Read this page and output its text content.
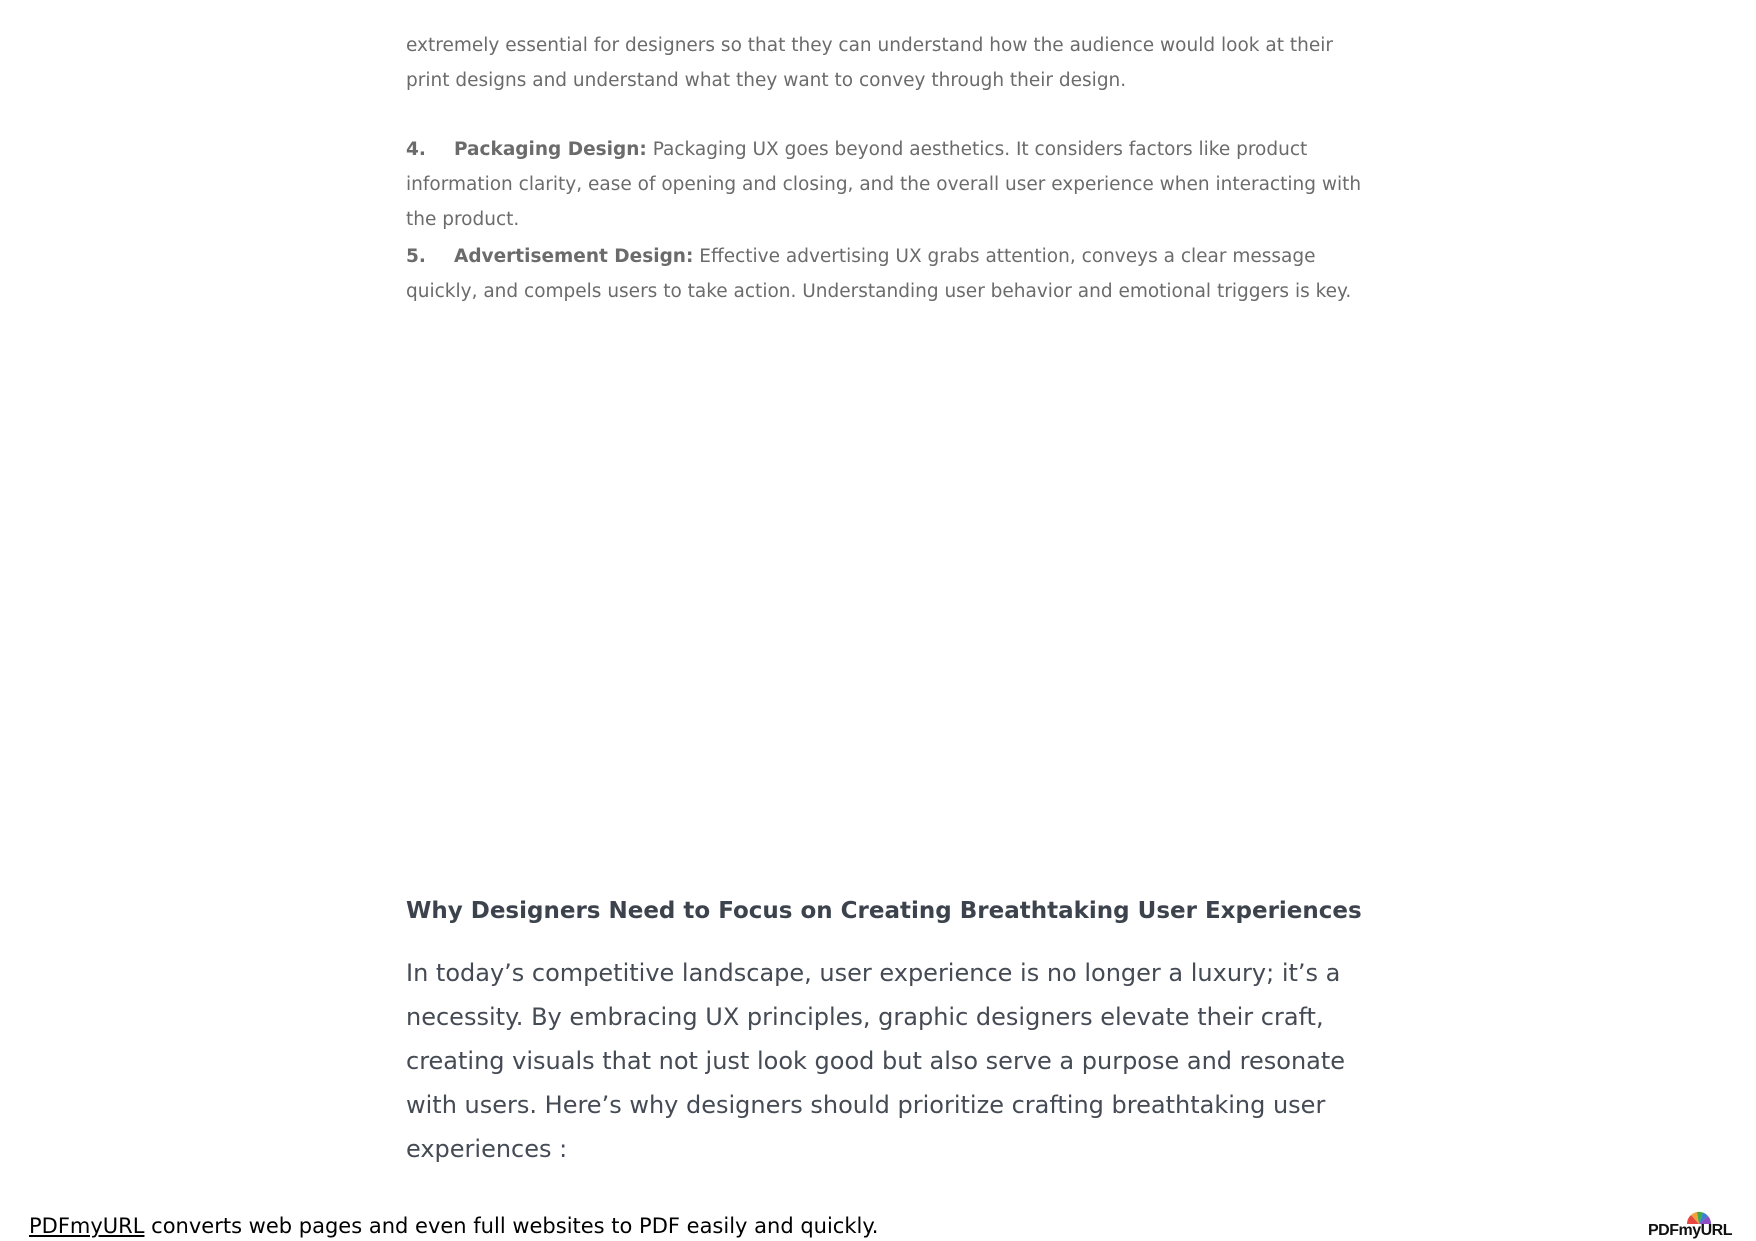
extremely essential for designers so that they can understand how the audience would look at their print designs and understand what they want to convey through their design.

4. Packaging Design: Packaging UX goes beyond aesthetics. It considers factors like product information clarity, ease of opening and closing, and the overall user experience when interacting with the product.

5. Advertisement Design: Effective advertising UX grabs attention, conveys a clear message quickly, and compels users to take action. Understanding user behavior and emotional triggers is key.

Why Designers Need to Focus on Creating Breathtaking User Experiences

In today’s competitive landscape, user experience is no longer a luxury; it’s a necessity. By embracing UX principles, graphic designers elevate their craft, creating visuals that not just look good but also serve a purpose and resonate with users. Here’s why designers should prioritize crafting breathtaking user experiences :

PDFmyURL converts web pages and even full websites to PDF easily and quickly.	PDFmyURL
